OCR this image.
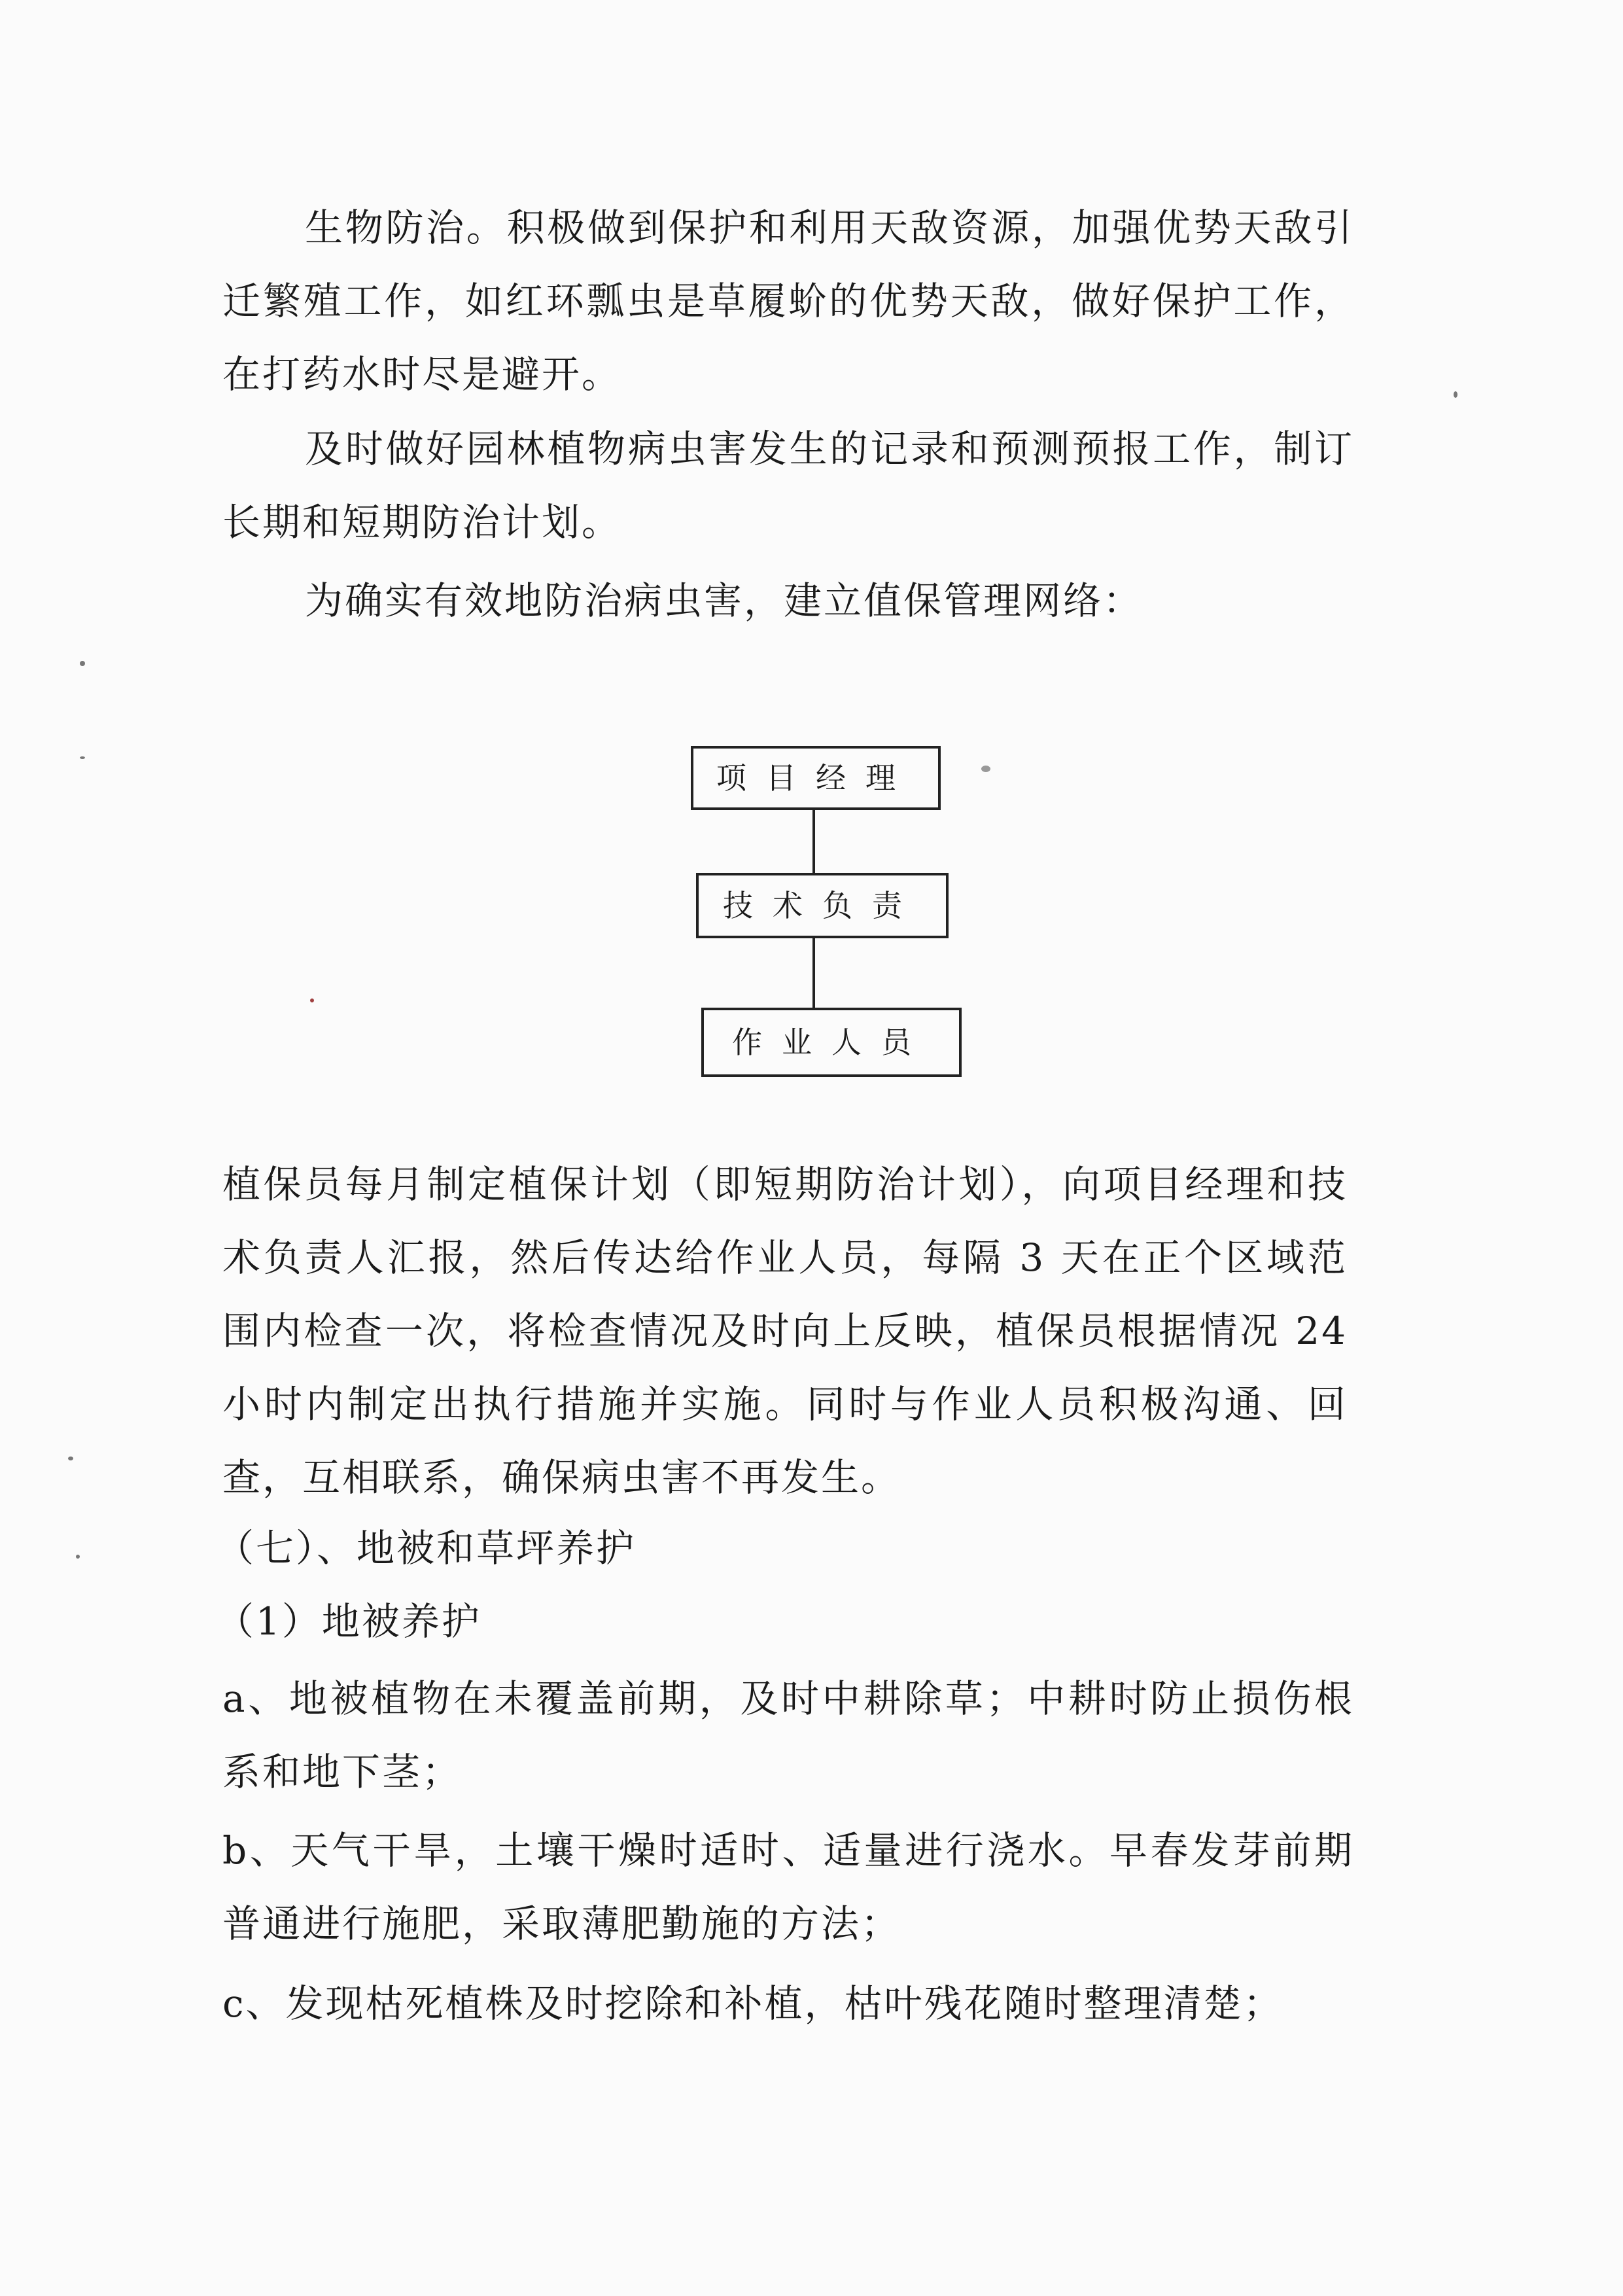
生物防治。积极做到保护和利用天敌资源，加强优势天敌引迁繁殖工作，如红环瓢虫是草履蚧的优势天敌，做好保护工作，在打药水时尽是避开。

及时做好园林植物病虫害发生的记录和预测预报工作，制订长期和短期防治计划。

为确实有效地防治病虫害，建立值保管理网络：

项目经理
技术负责
作业人员

植保员每月制定植保计划（即短期防治计划），向项目经理和技术负责人汇报，然后传达给作业人员，每隔 3 天在正个区域范围内检查一次，将检查情况及时向上反映，植保员根据情况 24 小时内制定出执行措施并实施。同时与作业人员积极沟通、回查，互相联系，确保病虫害不再发生。

（七）、地被和草坪养护

（1）地被养护

a、地被植物在未覆盖前期，及时中耕除草；中耕时防止损伤根系和地下茎；

b、天气干旱，土壤干燥时适时、适量进行浇水。早春发芽前期普通进行施肥，采取薄肥勤施的方法；

c、发现枯死植株及时挖除和补植，枯叶残花随时整理清楚；
